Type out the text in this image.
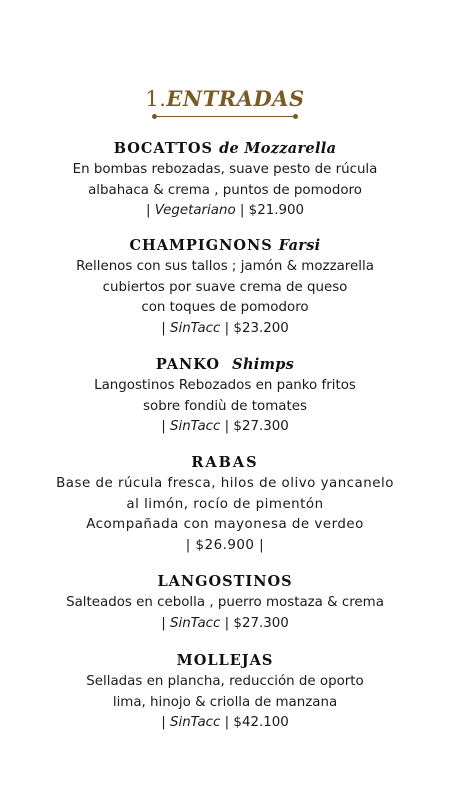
1.ENTRADAS
BOCATTOS de Mozzarella
En bombas rebozadas, suave pesto de rúcula
albahaca & crema , puntos de pomodoro
| Vegetariano | $21.900
CHAMPIGNONS Farsi
Rellenos con sus tallos ; jamón & mozzarella
cubiertos por suave crema de queso
con toques de pomodoro
| SinTacc | $23.200
PANKO Shimps
Langostinos Rebozados en panko fritos
sobre fondiù de tomates
| SinTacc | $27.300
RABAS
Base de rúcula fresca, hilos de olivo yancanelo
al limón, rocío de pimentón
Acompañada con mayonesa de verdeo
| $26.900 |
LANGOSTINOS
Salteados en cebolla , puerro mostaza & crema
| SinTacc | $27.300
MOLLEJAS
Selladas en plancha, reducción de oporto
lima, hinojo & criolla de manzana
| SinTacc | $42.100
